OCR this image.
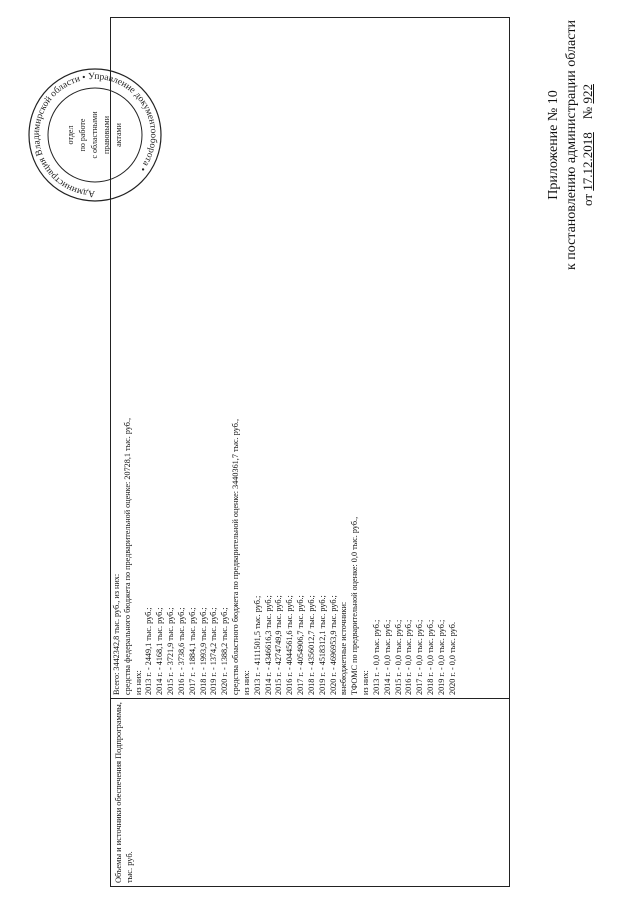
Приложение № 10 к постановлению администрации области от 17.12.2018    № 922
Администрация Владимирской области • Управление документооборота •
отдел по работе с областными правовыми актами
Объемы и источники обеспечения Подпрограммы, тыс. руб.
Всего: 3442342,8 тыс. руб., из них: средства федерального бюджета по предварительной оценке: 20728,1 тыс. руб., из них: 2013 г. - 2449,1 тыс. руб.; 2014 г. - 4168,1 тыс. руб.; 2015 г. - 3721,9 тыс. руб.; 2016 г. - 3738,6 тыс. руб.; 2017 г. - 1884,1 тыс. руб.; 2018 г. - 1993,9 тыс. руб.; 2019 г. - 1374,2 тыс. руб.; 2020 г. - 1388,2 тыс. руб.; средства областного бюджета по предварительной оценке: 3440361,7 тыс. руб., из них: 2013 г. - 4111501,5 тыс. руб.; 2014 г. - 4346616,3 тыс. руб.; 2015 г. - 4274749,9 тыс. руб.; 2016 г. - 4044561,6 тыс. руб.; 2017 г. - 4054906,7 тыс. руб.; 2018 г. - 4356012,7 тыс. руб.; 2019 г. - 4518312,1 тыс. руб.; 2020 г. - 4696953,9 тыс. руб.; внебюджетные источники: ТФОМС по предварительной оценке: 0,0 тыс. руб., из них: 2013 г. - 0,0 тыс. руб.; 2014 г. - 0,0 тыс. руб.; 2015 г. - 0,0 тыс. руб.; 2016 г. - 0,0 тыс. руб.; 2017 г. - 0,0 тыс. руб.; 2018 г. - 0,0 тыс. руб.; 2019 г. - 0,0 тыс. руб.; 2020 г. - 0,0 тыс. руб.
